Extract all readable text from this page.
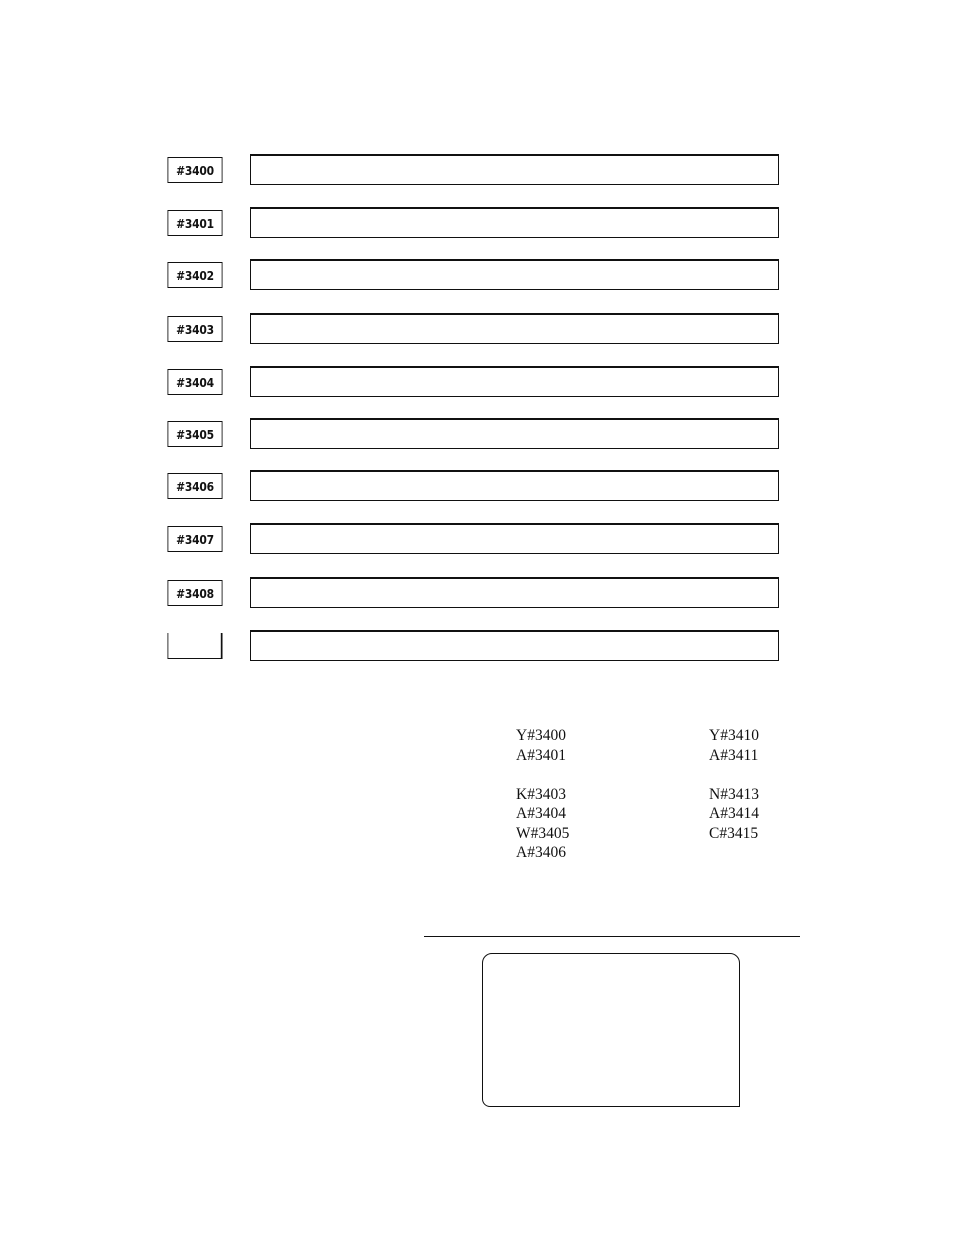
#3400
#3401
#3402
#3403
#3404
#3405
#3406
#3407
#3408
Y#3400
A#3401
K#3403
A#3404
W#3405
A#3406
Y#3410
A#3411
N#3413
A#3414
C#3415
